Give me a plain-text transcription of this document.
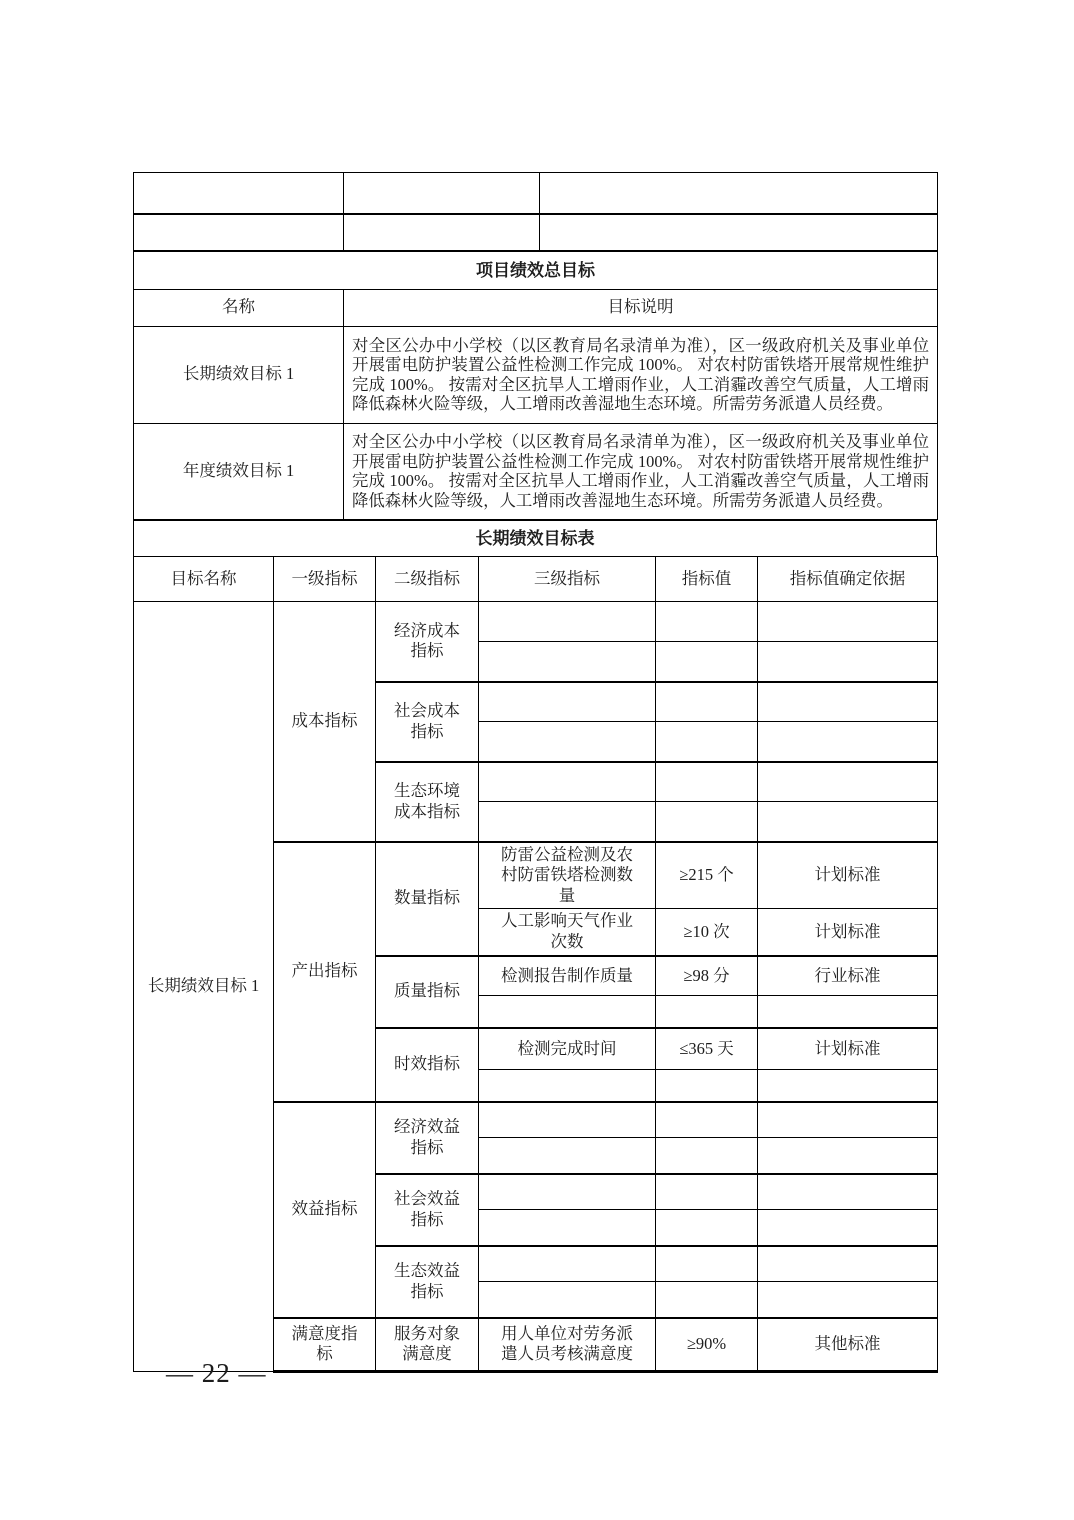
项目绩效总目标	
名称	目标说明
长期绩效目标 1	对全区公办中小学校（以区教育局名录清单为准），区一级政府机关及事业单位开展雷电防护装置公益性检测工作完成 100%。 对农村防雷铁塔开展常规性维护完成 100%。 按需对全区抗旱人工增雨作业，人工消霾改善空气质量，人工增雨降低森林火险等级，人工增雨改善湿地生态环境。所需劳务派遣人员经费。
年度绩效目标 1	对全区公办中小学校（以区教育局名录清单为准），区一级政府机关及事业单位开展雷电防护装置公益性检测工作完成 100%。 对农村防雷铁塔开展常规性维护完成 100%。 按需对全区抗旱人工增雨作业，人工消霾改善空气质量，人工增雨降低森林火险等级，人工增雨改善湿地生态环境。所需劳务派遣人员经费。
长期绩效目标表
目标名称	一级指标	二级指标	三级指标	指标值	指标值确定依据
长期绩效目标 1	成本指标	经济成本指标			

		社会成本指标			

		生态环境成本指标			

	产出指标	数量指标	防雷公益检测及农村防雷铁塔检测数量	≥215 个	计划标准
			人工影响天气作业次数	≥10 次	计划标准
		质量指标	检测报告制作质量	≥98 分	行业标准

		时效指标	检测完成时间	≤365 天	计划标准

	效益指标	经济效益指标			

		社会效益指标			

		生态效益指标			

	满意度指标	服务对象满意度	用人单位对劳务派遣人员考核满意度	≥90%	其他标准
— 22 —
